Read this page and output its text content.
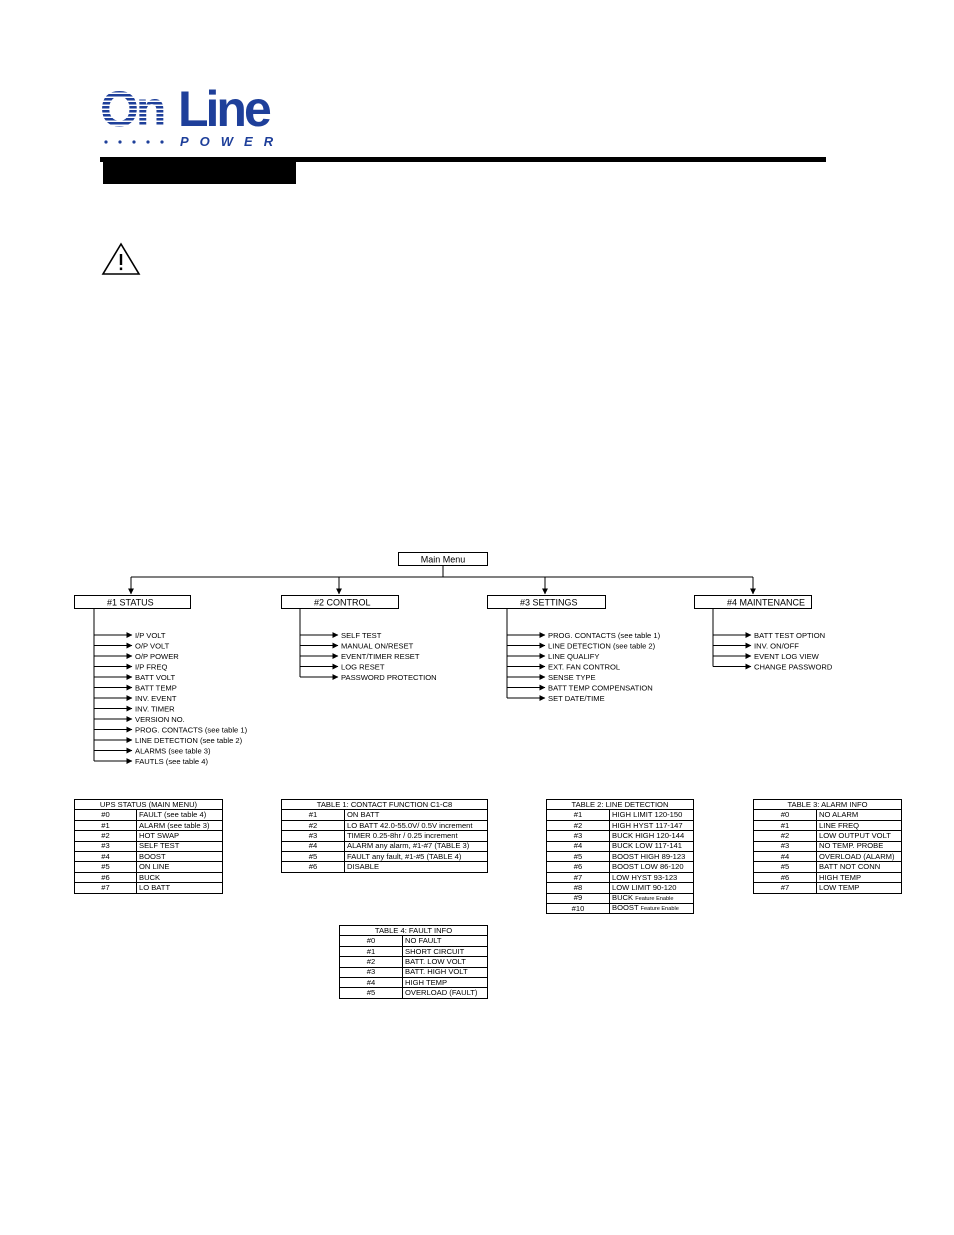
On Line
POWER
Main Menu
#1 STATUS
I/P VOLT
O/P VOLT
O/P POWER
I/P FREQ
BATT VOLT
BATT TEMP
INV. EVENT
INV. TIMER
VERSION NO.
PROG. CONTACTS (see table 1)
LINE DETECTION (see table 2)
ALARMS (see table 3)
FAUTLS (see table 4)
#2 CONTROL
SELF TEST
MANUAL ON/RESET
EVENT/TIMER RESET
LOG RESET
PASSWORD PROTECTION
#3 SETTINGS
PROG. CONTACTS (see table 1)
LINE DETECTION (see table 2)
LINE QUALIFY
EXT. FAN CONTROL
SENSE TYPE
BATT TEMP COMPENSATION
SET DATE/TIME
#4 MAINTENANCE
BATT TEST OPTION
INV. ON/OFF
EVENT LOG VIEW
CHANGE PASSWORD
UPS STATUS (MAIN MENU)	
#0	FAULT (see table 4)
#1	ALARM (see table 3)
#2	HOT SWAP
#3	SELF TEST
#4	BOOST
#5	ON LINE
#6	BUCK
#7	LO BATT
TABLE 1: CONTACT FUNCTION C1-C8	
#1	ON BATT
#2	LO BATT 42.0-55.0V/ 0.5V increment
#3	TIMER 0.25-8hr / 0.25 increment
#4	ALARM any alarm, #1-#7 (TABLE 3)
#5	FAULT any fault, #1-#5 (TABLE 4)
#6	DISABLE
TABLE 2: LINE DETECTION	
#1	HIGH LIMIT 120-150
#2	HIGH HYST 117-147
#3	BUCK HIGH 120-144
#4	BUCK LOW 117-141
#5	BOOST HIGH 89-123
#6	BOOST LOW 86-120
#7	LOW HYST 93-123
#8	LOW LIMIT 90-120
#9	BUCK Feature Enable
#10	BOOST Feature Enable
TABLE 3: ALARM INFO	
#0	NO ALARM
#1	LINE FREQ
#2	LOW OUTPUT VOLT
#3	NO TEMP. PROBE
#4	OVERLOAD (ALARM)
#5	BATT NOT CONN
#6	HIGH TEMP
#7	LOW TEMP
TABLE 4: FAULT INFO	
#0	NO FAULT
#1	SHORT CIRCUIT
#2	BATT. LOW VOLT
#3	BATT. HIGH VOLT
#4	HIGH TEMP
#5	OVERLOAD (FAULT)
